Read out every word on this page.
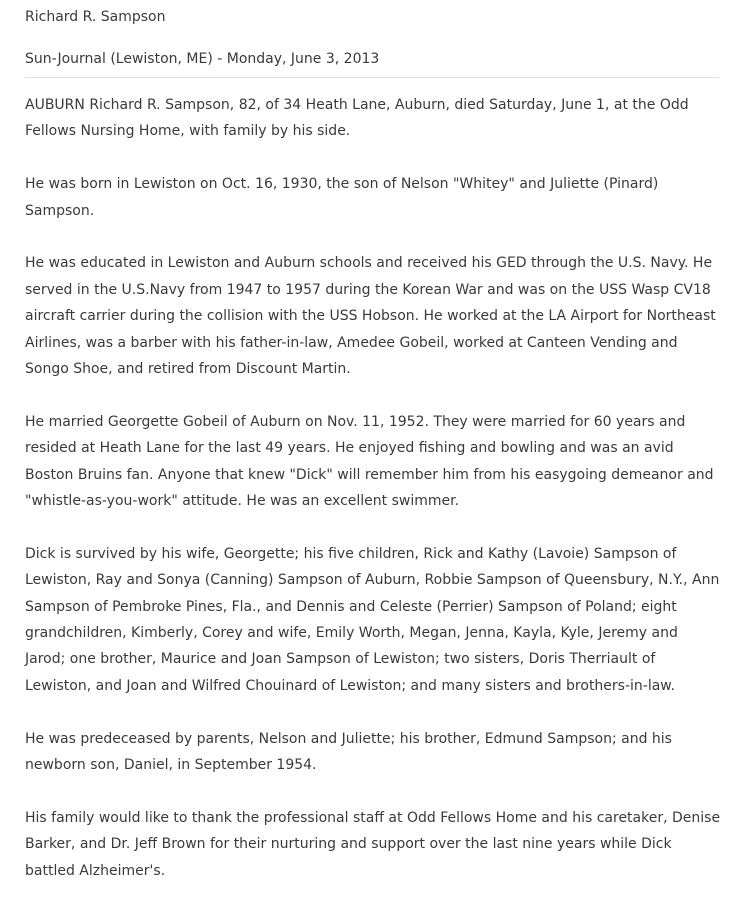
Richard R. Sampson
Sun-Journal (Lewiston, ME) - Monday, June 3, 2013

AUBURN Richard R. Sampson, 82, of 34 Heath Lane, Auburn, died Saturday, June 1, at the Odd Fellows Nursing Home, with family by his side.

He was born in Lewiston on Oct. 16, 1930, the son of Nelson "Whitey" and Juliette (Pinard) Sampson.

He was educated in Lewiston and Auburn schools and received his GED through the U.S. Navy. He served in the U.S.Navy from 1947 to 1957 during the Korean War and was on the USS Wasp CV18 aircraft carrier during the collision with the USS Hobson. He worked at the LA Airport for Northeast Airlines, was a barber with his father-in-law, Amedee Gobeil, worked at Canteen Vending and Songo Shoe, and retired from Discount Martin.

He married Georgette Gobeil of Auburn on Nov. 11, 1952. They were married for 60 years and resided at Heath Lane for the last 49 years. He enjoyed fishing and bowling and was an avid Boston Bruins fan. Anyone that knew "Dick" will remember him from his easygoing demeanor and "whistle-as-you-work" attitude. He was an excellent swimmer.

Dick is survived by his wife, Georgette; his five children, Rick and Kathy (Lavoie) Sampson of Lewiston, Ray and Sonya (Canning) Sampson of Auburn, Robbie Sampson of Queensbury, N.Y., Ann Sampson of Pembroke Pines, Fla., and Dennis and Celeste (Perrier) Sampson of Poland; eight grandchildren, Kimberly, Corey and wife, Emily Worth, Megan, Jenna, Kayla, Kyle, Jeremy and Jarod; one brother, Maurice and Joan Sampson of Lewiston; two sisters, Doris Therriault of Lewiston, and Joan and Wilfred Chouinard of Lewiston; and many sisters and brothers-in-law.

He was predeceased by parents, Nelson and Juliette; his brother, Edmund Sampson; and his newborn son, Daniel, in September 1954.

His family would like to thank the professional staff at Odd Fellows Home and his caretaker, Denise Barker, and Dr. Jeff Brown for their nurturing and support over the last nine years while Dick battled Alzheimer's.
